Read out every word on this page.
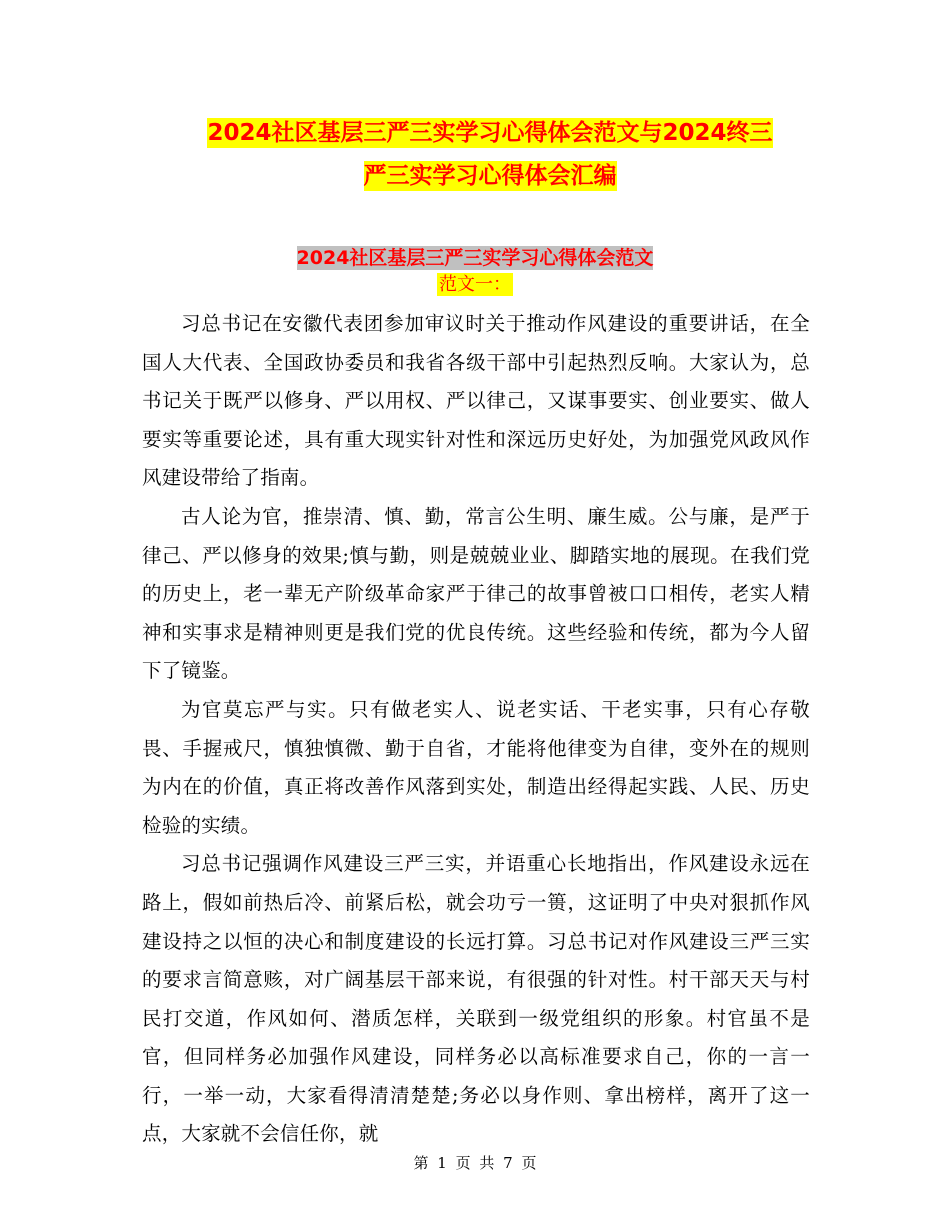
2024社区基层三严三实学习心得体会范文与2024终三
严三实学习心得体会汇编
2024社区基层三严三实学习心得体会范文
范文一：

习总书记在安徽代表团参加审议时关于推动作风建设的重要讲话，在全国人大代表、全国政协委员和我省各级干部中引起热烈反响。大家认为，总书记关于既严以修身、严以用权、严以律己，又谋事要实、创业要实、做人要实等重要论述，具有重大现实针对性和深远历史好处，为加强党风政风作风建设带给了指南。

古人论为官，推崇清、慎、勤，常言公生明、廉生威。公与廉，是严于律己、严以修身的效果;慎与勤，则是兢兢业业、脚踏实地的展现。在我们党的历史上，老一辈无产阶级革命家严于律己的故事曾被口口相传，老实人精神和实事求是精神则更是我们党的优良传统。这些经验和传统，都为今人留下了镜鉴。

为官莫忘严与实。只有做老实人、说老实话、干老实事，只有心存敬畏、手握戒尺，慎独慎微、勤于自省，才能将他律变为自律，变外在的规则为内在的价值，真正将改善作风落到实处，制造出经得起实践、人民、历史检验的实绩。

习总书记强调作风建设三严三实，并语重心长地指出，作风建设永远在路上，假如前热后冷、前紧后松，就会功亏一篑，这证明了中央对狠抓作风建设持之以恒的决心和制度建设的长远打算。习总书记对作风建设三严三实的要求言简意赅，对广阔基层干部来说，有很强的针对性。村干部天天与村民打交道，作风如何、潜质怎样，关联到一级党组织的形象。村官虽不是官，但同样务必加强作风建设，同样务必以高标准要求自己，你的一言一行，一举一动，大家看得清清楚楚;务必以身作则、拿出榜样，离开了这一点，大家就不会信任你，就

第 1 页 共 7 页
